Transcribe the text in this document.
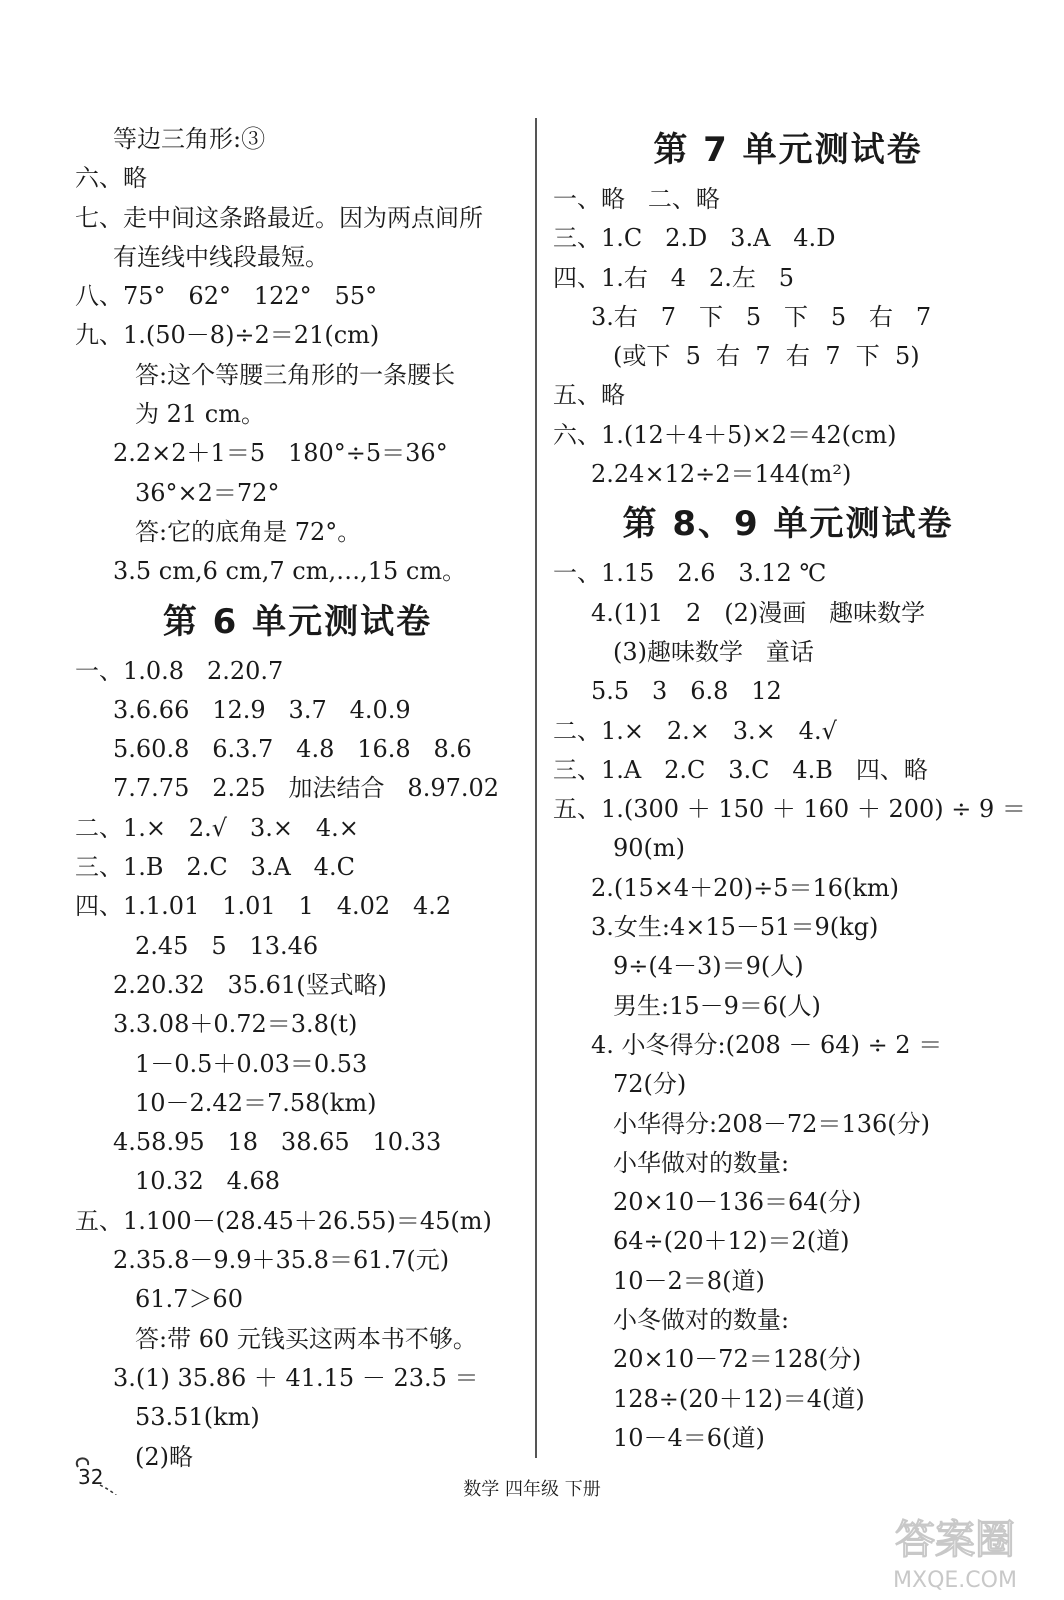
等边三角形:③
六、略
七、走中间这条路最近。因为两点间所
有连线中线段最短。
八、75°   62°   122°   55°
九、1.(50－8)÷2＝21(cm)
答:这个等腰三角形的一条腰长
为 21 cm。
2.2×2＋1＝5   180°÷5＝36°
36°×2＝72°
答:它的底角是 72°。
3.5 cm,6 cm,7 cm,…,15 cm。
第 6 单元测试卷
一、1.0.8   2.20.7
3.6.66   12.9   3.7   4.0.9
5.60.8   6.3.7   4.8   16.8   8.6
7.7.75   2.25   加法结合   8.97.02
二、1.×   2.√   3.×   4.×
三、1.B   2.C   3.A   4.C
四、1.1.01   1.01   1   4.02   4.2
2.45   5   13.46
2.20.32   35.61(竖式略)
3.3.08＋0.72＝3.8(t)
1－0.5＋0.03＝0.53
10－2.42＝7.58(km)
4.58.95   18   38.65   10.33
10.32   4.68
五、1.100－(28.45＋26.55)＝45(m)
2.35.8－9.9＋35.8＝61.7(元)
61.7＞60
答:带 60 元钱买这两本书不够。
3.(1) 35.86 ＋ 41.15 － 23.5 ＝
53.51(km)
(2)略
第 7 单元测试卷
一、略   二、略
三、1.C   2.D   3.A   4.D
四、1.右   4   2.左   5
3.右   7   下   5   下   5   右   7
(或下  5  右  7  右  7  下  5)
五、略
六、1.(12＋4＋5)×2＝42(cm)
2.24×12÷2＝144(m²)
第 8、9 单元测试卷
一、1.15   2.6   3.12 ℃
4.(1)1   2   (2)漫画   趣味数学
(3)趣味数学   童话
5.5   3   6.8   12
二、1.×   2.×   3.×   4.√
三、1.A   2.C   3.C   4.B   四、略
五、1.(300 ＋ 150 ＋ 160 ＋ 200) ÷ 9 ＝
90(m)
2.(15×4＋20)÷5＝16(km)
3.女生:4×15－51＝9(kg)
9÷(4－3)＝9(人)
男生:15－9＝6(人)
4. 小冬得分:(208 － 64) ÷ 2 ＝
72(分)
小华得分:208－72＝136(分)
小华做对的数量:
20×10－136＝64(分)
64÷(20＋12)＝2(道)
10－2＝8(道)
小冬做对的数量:
20×10－72＝128(分)
128÷(20＋12)＝4(道)
10－4＝6(道)
32
数学 四年级 下册
答案圈
MXQE.COM
